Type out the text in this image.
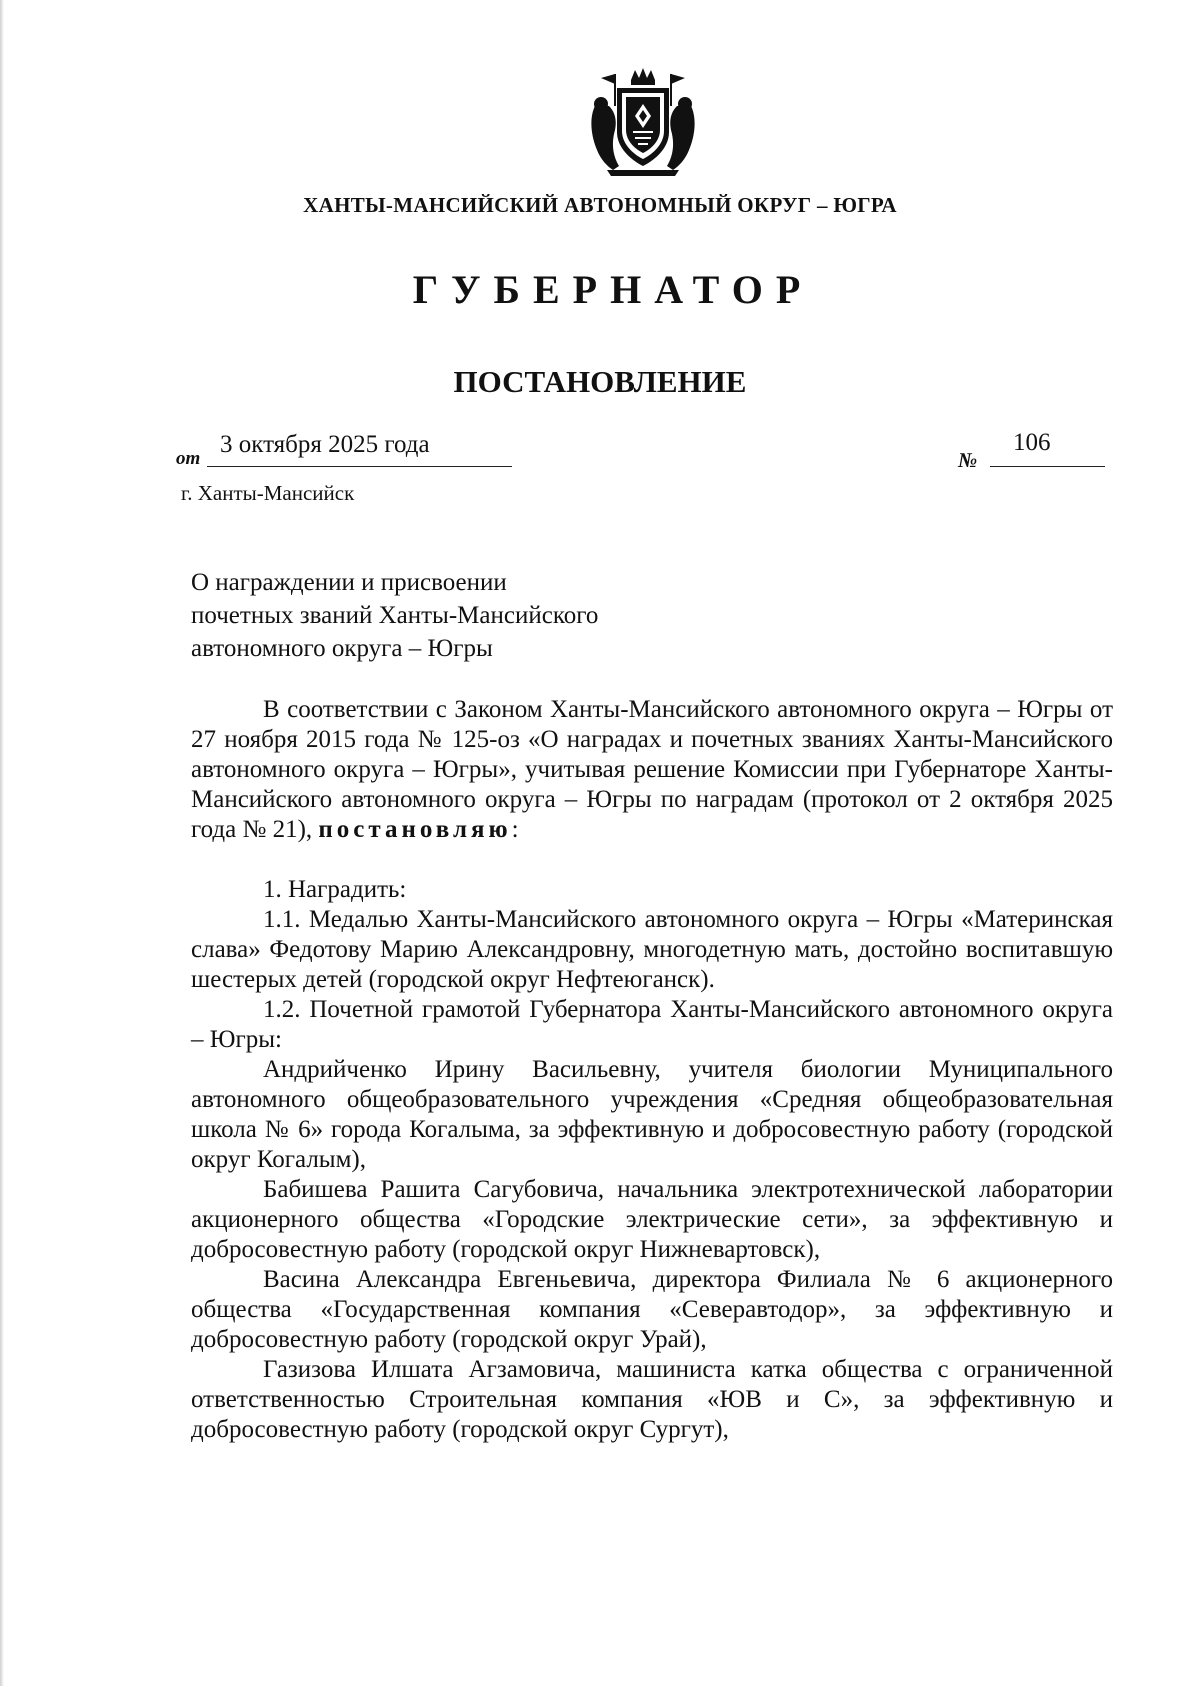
ХАНТЫ-МАНСИЙСКИЙ АВТОНОМНЫЙ ОКРУГ – ЮГРА
ГУБЕРНАТОР
ПОСТАНОВЛЕНИЕ
от
3 октября 2025 года
№
106
г. Ханты-Мансийск
О награждении и присвоении
почетных званий Ханты-Мансийского
автономного округа – Югры

В соответствии с Законом Ханты-Мансийского автономного округа – Югры от 27 ноября 2015 года № 125-оз «О наградах и почетных званиях Ханты-Мансийского автономного округа – Югры», учитывая решение Комиссии при Губернаторе Ханты-Мансийского автономного округа – Югры по наградам (протокол от 2 октября 2025 года № 21), постановляю:

1. Наградить:

1.1. Медалью Ханты-Мансийского автономного округа – Югры «Материнская слава» Федотову Марию Александровну, многодетную мать, достойно воспитавшую шестерых детей (городской округ Нефтеюганск).

1.2. Почетной грамотой Губернатора Ханты-Мансийского автономного округа – Югры:

Андрийченко Ирину Васильевну, учителя биологии Муниципального автономного общеобразовательного учреждения «Средняя общеобразовательная школа № 6» города Когалыма, за эффективную и добросовестную работу (городской округ Когалым),

Бабишева Рашита Сагубовича, начальника электротехнической лаборатории акционерного общества «Городские электрические сети», за эффективную и добросовестную работу (городской округ Нижневартовск),

Васина Александра Евгеньевича, директора Филиала № 6 акционерного общества «Государственная компания «Северавтодор», за эффективную и добросовестную работу (городской округ Урай),

Газизова Илшата Агзамовича, машиниста катка общества с ограниченной ответственностью Строительная компания «ЮВ и С», за эффективную и добросовестную работу (городской округ Сургут),
